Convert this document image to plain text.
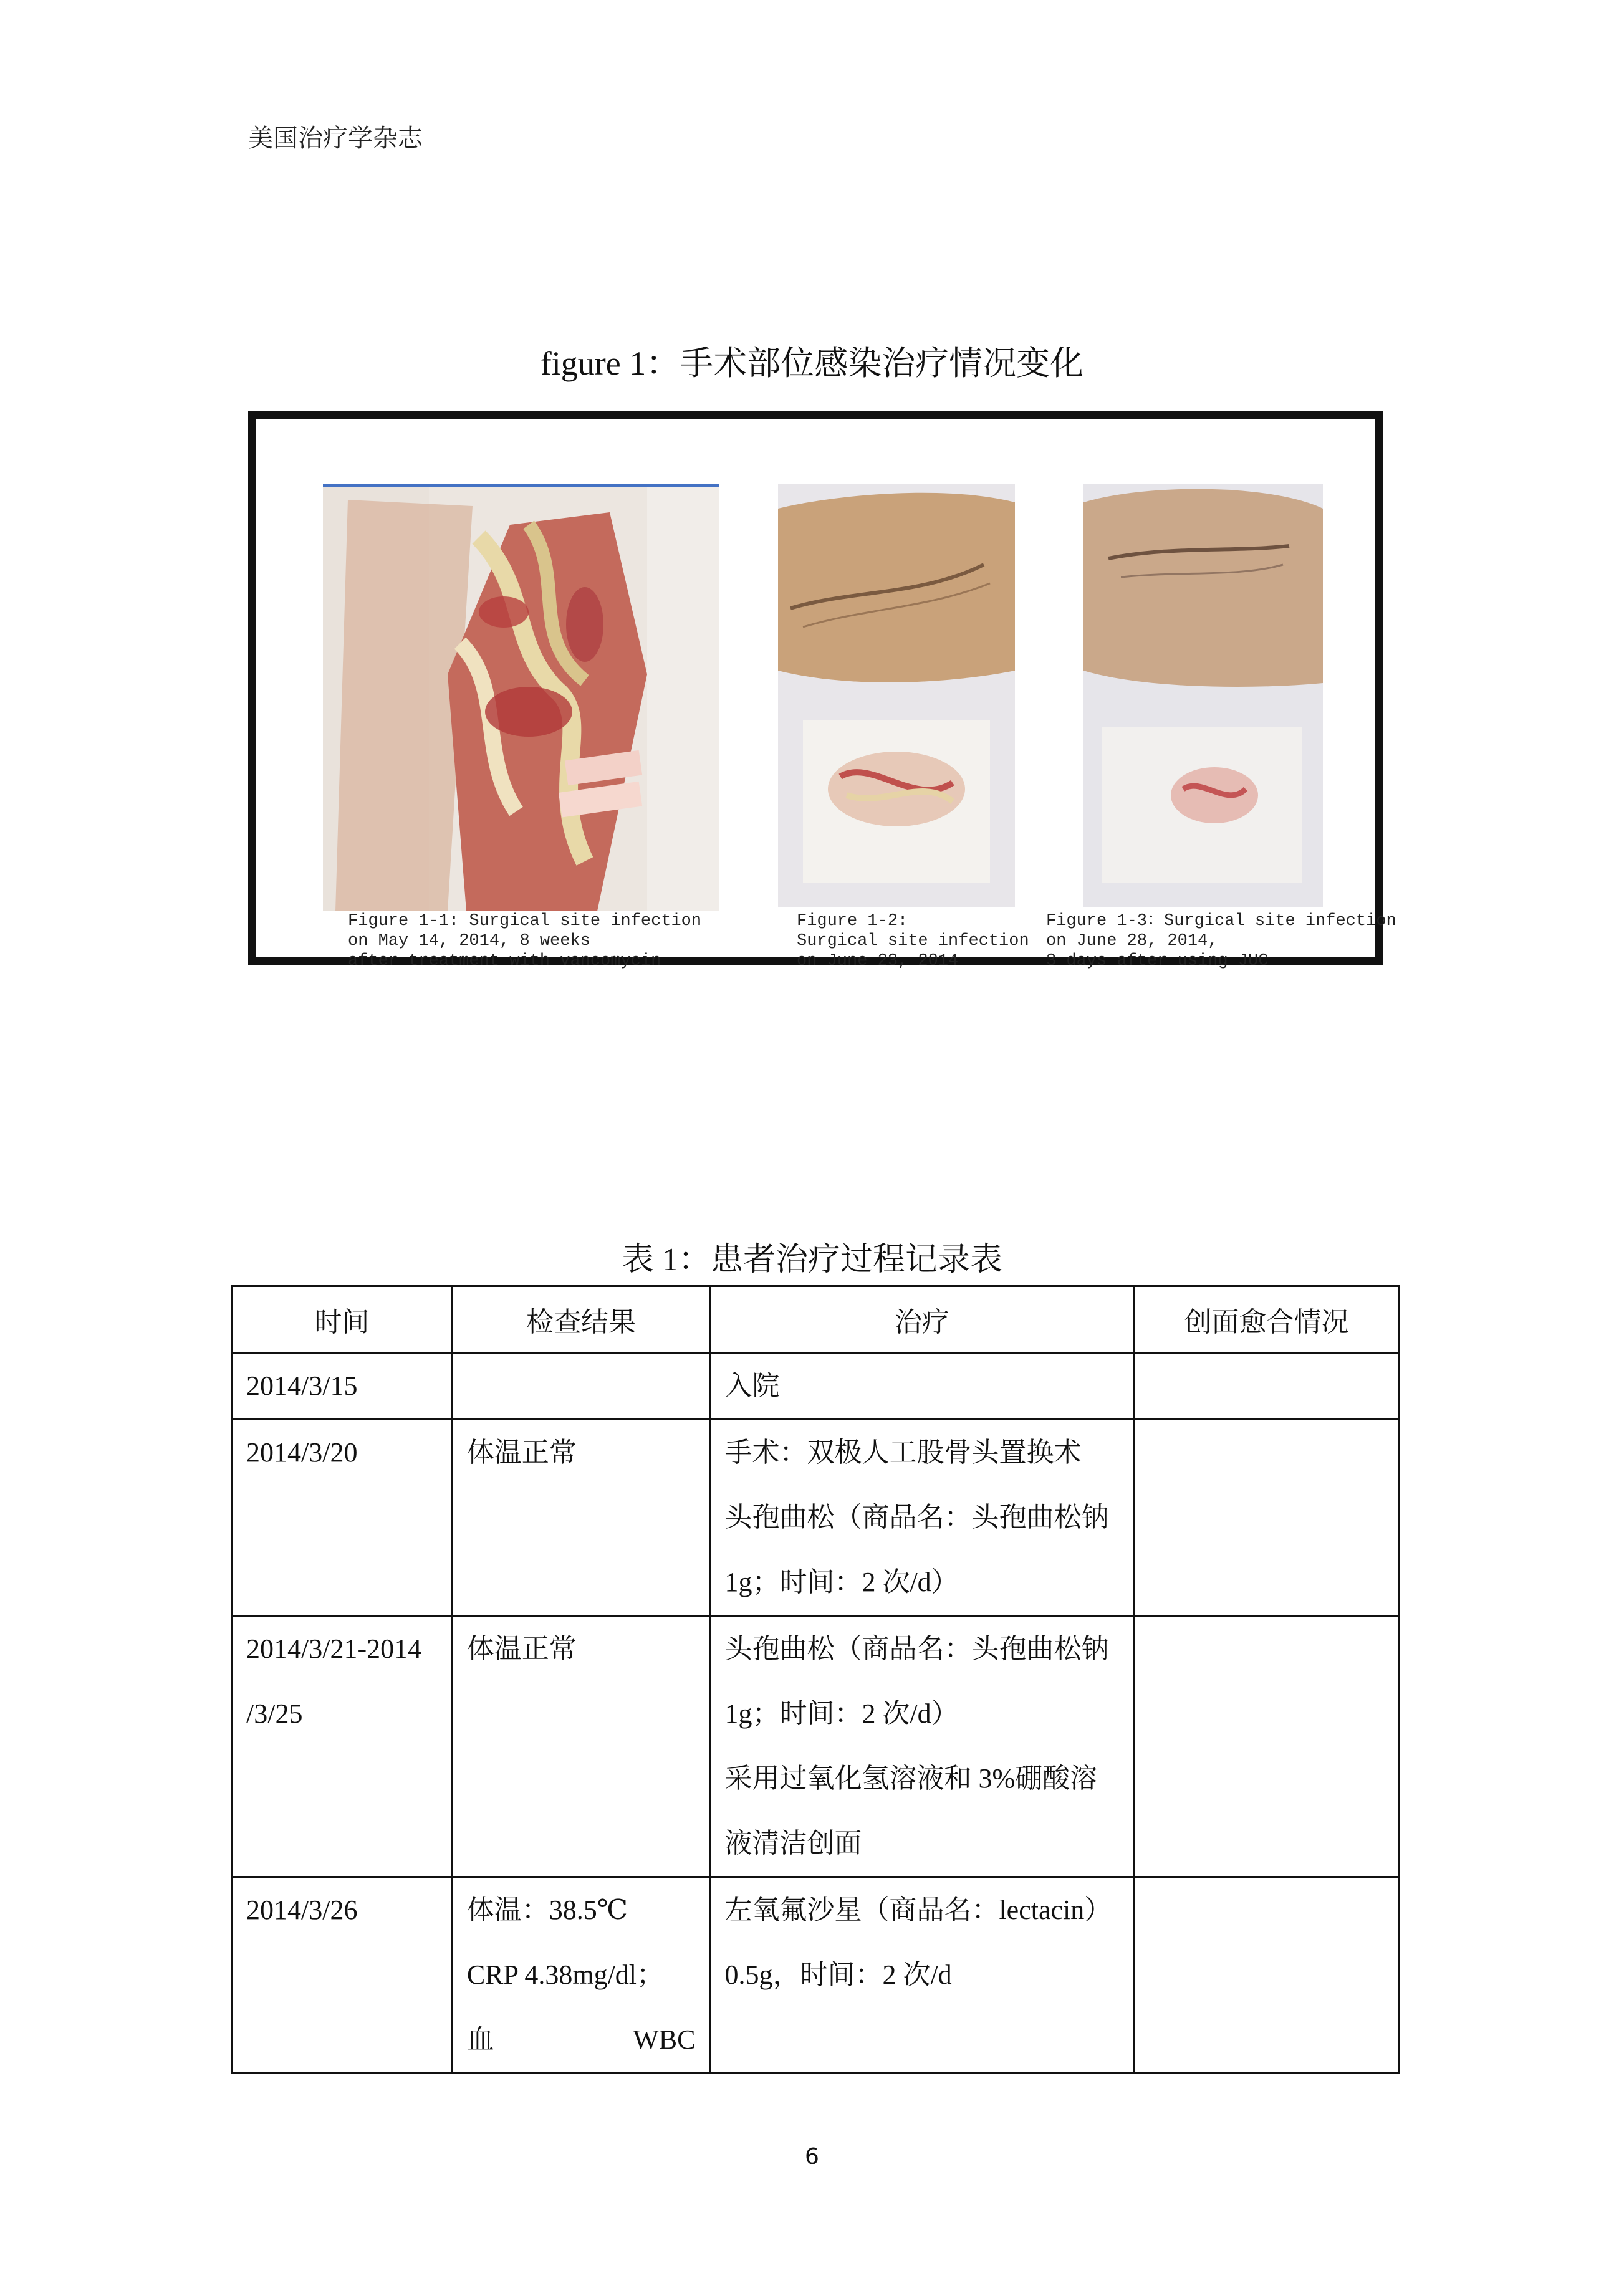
美国治疗学杂志
figure 1：手术部位感染治疗情况变化
Figure 1-1: Surgical site infection
on May 14, 2014, 8 weeks
after treatment with vancomycin
Figure 1-2:
Surgical site infection
on June 23, 2014
Figure 1-3：Surgical site infection
on June 28, 2014,
3 days after using JUC
表 1：患者治疗过程记录表
时间	检查结果	治疗	创面愈合情况

2014/3/15		入院	

2014/3/20	体温正常	手术：双极人工股骨头置换术
头孢曲松（商品名：头孢曲松钠
1g；时间：2 次/d）	

2014/3/21-2014
/3/25	体温正常	头孢曲松（商品名：头孢曲松钠
1g；时间：2 次/d）
采用过氧化氢溶液和 3%硼酸溶
液清洁创面	

2014/3/26	体温：38.5℃
CRP 4.38mg/dl；
血 WBC	左氧氟沙星（商品名：lectacin）
0.5g，时间：2 次/d	

6
